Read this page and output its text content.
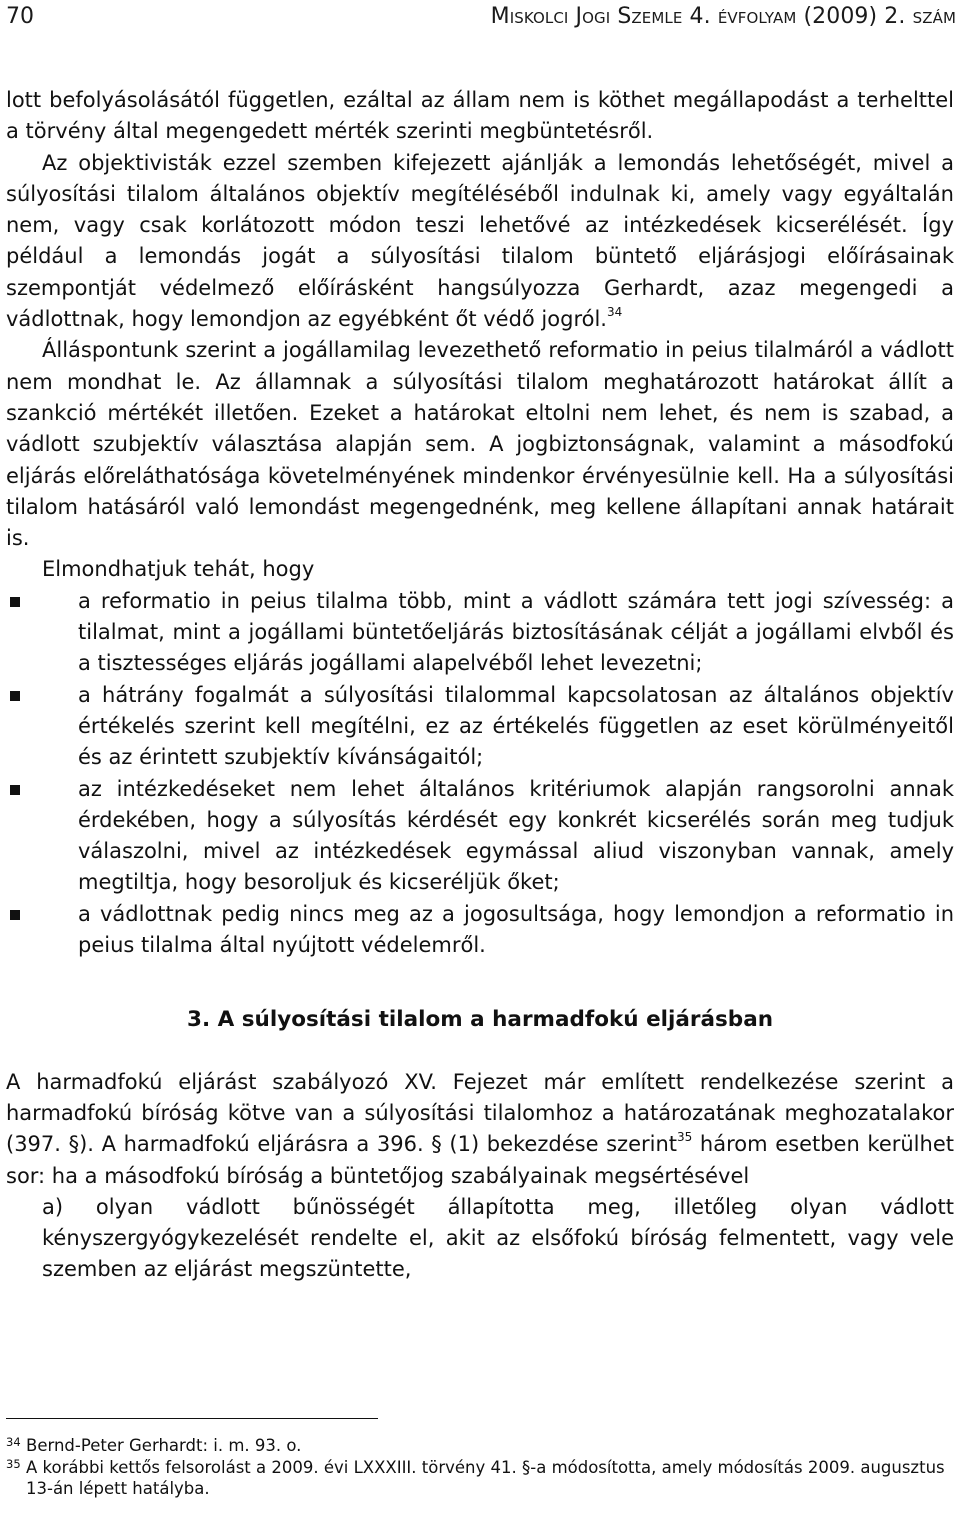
70	Miskolci Jogi Szemle 4. évfolyam (2009) 2. szám

lott befolyásolásától független, ezáltal az állam nem is köthet megállapodást a terhelttel a törvény által megengedett mérték szerinti megbüntetésről.

Az objektivisták ezzel szemben kifejezett ajánlják a lemondás lehetőségét, mivel a súlyosítási tilalom általános objektív megítéléséből indulnak ki, amely vagy egyáltalán nem, vagy csak korlátozott módon teszi lehetővé az intézkedések kicserélését. Így például a lemondás jogát a súlyosítási tilalom büntető eljárásjogi előírásainak szempontját védelmező előírásként hangsúlyozza Gerhardt, azaz megengedi a vádlottnak, hogy lemondjon az egyébként őt védő jogról.$^{34}$

Álláspontunk szerint a jogállamilag levezethető reformatio in peius tilalmáról a vádlott nem mondhat le. Az államnak a súlyosítási tilalom meghatározott határokat állít a szankció mértékét illetően. Ezeket a határokat eltolni nem lehet, és nem is szabad, a vádlott szubjektív választása alapján sem. A jogbiztonságnak, valamint a másodfokú eljárás előreláthatósága követelményének mindenkor érvényesülnie kell. Ha a súlyosítási tilalom hatásáról való lemondást megengednénk, meg kellene állapítani annak határait is.

Elmondhatjuk tehát, hogy

a reformatio in peius tilalma több, mint a vádlott számára tett jogi szívesség: a tilalmat, mint a jogállami büntetőeljárás biztosításának célját a jogállami elvből és a tisztességes eljárás jogállami alapelvéből lehet levezetni;
a hátrány fogalmát a súlyosítási tilalommal kapcsolatosan az általános objektív értékelés szerint kell megítélni, ez az értékelés független az eset körülményeitől és az érintett szubjektív kívánságaitól;
az intézkedéseket nem lehet általános kritériumok alapján rangsorolni annak érdekében, hogy a súlyosítás kérdését egy konkrét kicserélés során meg tudjuk válaszolni, mivel az intézkedések egymással aliud viszonyban vannak, amely megtiltja, hogy besoroljuk és kicseréljük őket;
a vádlottnak pedig nincs meg az a jogosultsága, hogy lemondjon a reformatio in peius tilalma által nyújtott védelemről.
3. A súlyosítási tilalom a harmadfokú eljárásban

A harmadfokú eljárást szabályozó XV. Fejezet már említett rendelkezése szerint a harmadfokú bíróság kötve van a súlyosítási tilalomhoz a határozatának meghozatalakor (397. §). A harmadfokú eljárásra a 396. § (1) bekezdése szerint$^{35}$ három esetben kerülhet sor: ha a másodfokú bíróság a büntetőjog szabályainak megsértésével

a) olyan vádlott bűnösségét állapította meg, illetőleg olyan vádlott kényszergyógykezelését rendelte el, akit az elsőfokú bíróság felmentett, vagy vele szemben az eljárást megszüntette,

34 Bernd-Peter Gerhardt: i. m. 93. o.
35 A korábbi kettős felsorolást a 2009. évi LXXXIII. törvény 41. §-a módosította, amely módosítás 2009. augusztus 13-án lépett hatályba.
